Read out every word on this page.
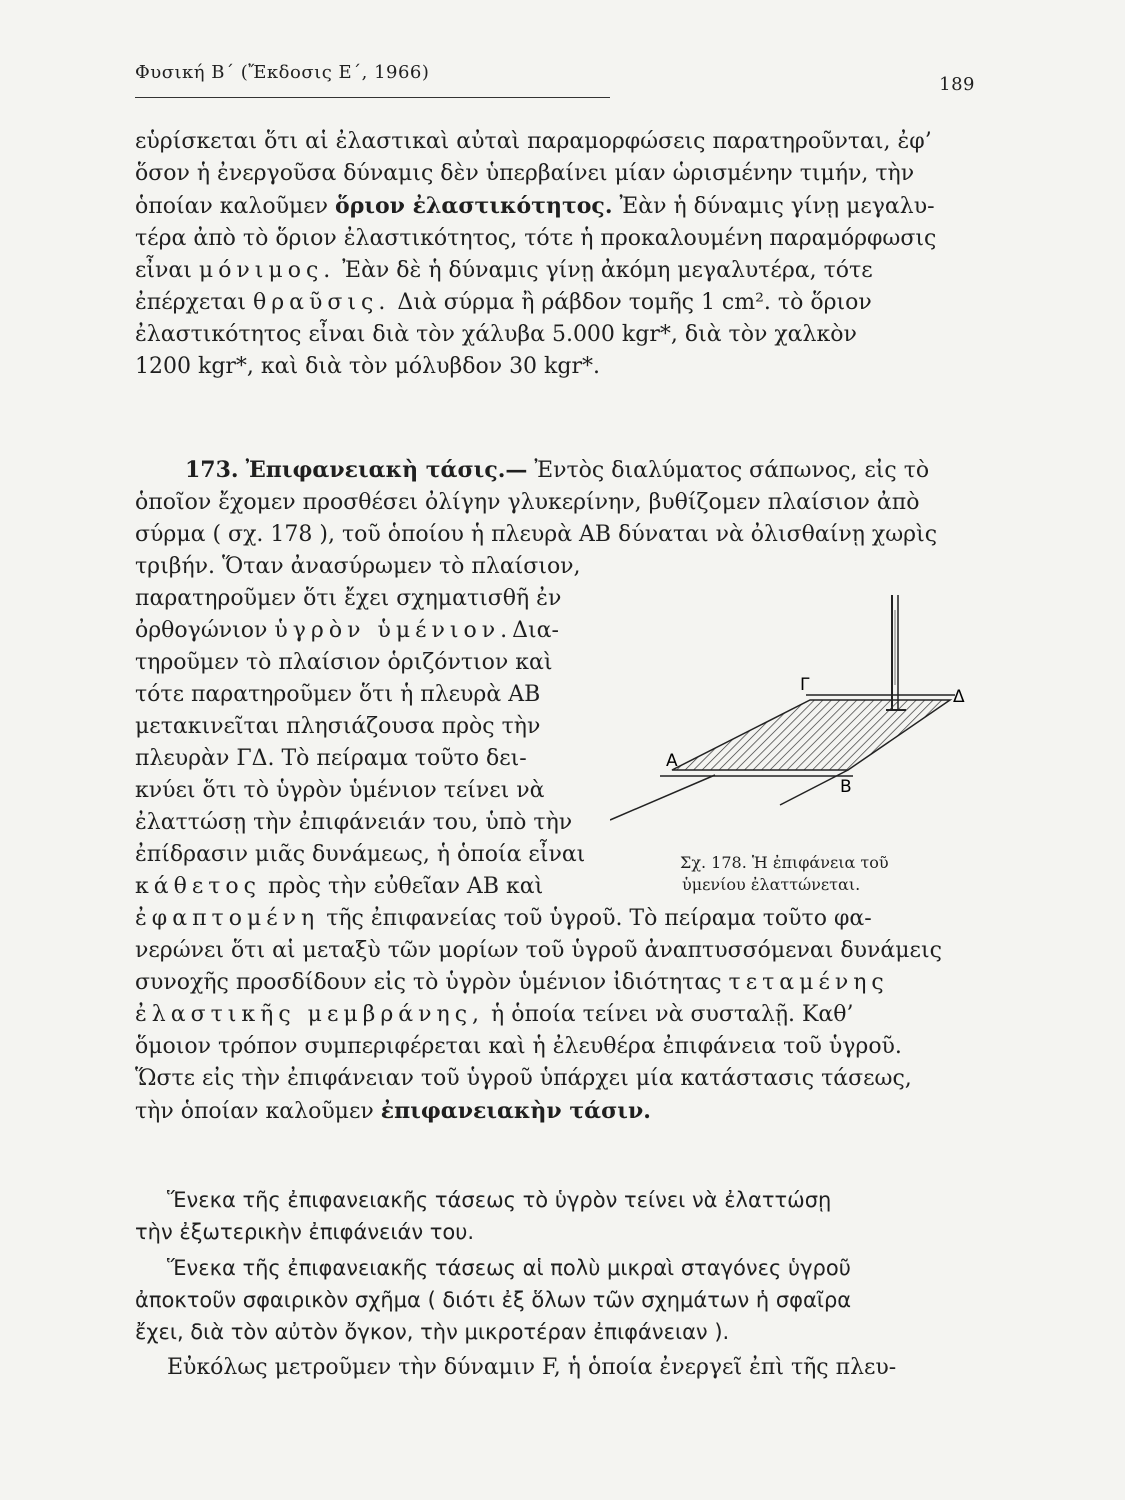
Φυσική Β΄ (Ἔκδοσις Ε΄, 1966)
189
εὑρίσκεται ὅτι αἱ ἐλαστικαὶ αὐταὶ παραμορφώσεις παρατηροῦνται, ἐφ’
ὅσον ἡ ἐνεργοῦσα δύναμις δὲν ὑπερβαίνει μίαν ὡρισμένην τιμήν, τὴν
ὁποίαν καλοῦμεν ὅριον ἐλαστικότητος. Ἐὰν ἡ δύναμις γίνῃ μεγαλυ-
τέρα ἀπὸ τὸ ὅριον ἐλαστικότητος, τότε ἡ προκαλουμένη παραμόρφωσις
εἶναι μόνιμος. Ἐὰν δὲ ἡ δύναμις γίνῃ ἀκόμη μεγαλυτέρα, τότε
ἐπέρχεται θραῦσις. Διὰ σύρμα ἢ ράβδον τομῆς 1 cm². τὸ ὅριον
ἐλαστικότητος εἶναι διὰ τὸν χάλυβα 5.000 kgr*, διὰ τὸν χαλκὸν
1200 kgr*, καὶ διὰ τὸν μόλυβδον 30 kgr*.
173. Ἐπιφανειακὴ τάσις.— Ἐντὸς διαλύματος σάπωνος, εἰς τὸ
ὁποῖον ἔχομεν προσθέσει ὀλίγην γλυκερίνην, βυθίζομεν πλαίσιον ἀπὸ
σύρμα ( σχ. 178 ), τοῦ ὁποίου ἡ πλευρὰ ΑΒ δύναται νὰ ὀλισθαίνῃ χωρὶς
τριβήν. Ὅταν ἀνασύρωμεν τὸ πλαίσιον,
παρατηροῦμεν ὅτι ἔχει σχηματισθῆ ἐν
ὀρθογώνιον ὑγρὸν ὑμένιον.Δια-
τηροῦμεν τὸ πλαίσιον ὁριζόντιον καὶ
τότε παρατηροῦμεν ὅτι ἡ πλευρὰ ΑΒ
μετακινεῖται πλησιάζουσα πρὸς τὴν
πλευρὰν ΓΔ. Τὸ πείραμα τοῦτο δει-
κνύει ὅτι τὸ ὑγρὸν ὑμένιον τείνει νὰ
ἐλαττώσῃ τὴν ἐπιφάνειάν του, ὑπὸ τὴν
ἐπίδρασιν μιᾶς δυνάμεως, ἡ ὁποία εἶναι
κάθετος πρὸς τὴν εὐθεῖαν ΑΒ καὶ
ἐφαπτομένη τῆς ἐπιφανείας τοῦ ὑγροῦ. Τὸ πείραμα τοῦτο φα-
νερώνει ὅτι αἱ μεταξὺ τῶν μορίων τοῦ ὑγροῦ ἀναπτυσσόμεναι δυνάμεις
συνοχῆς προσδίδουν εἰς τὸ ὑγρὸν ὑμένιον ἰδιότητας τεταμένης
ἐλαστικῆς μεμβράνης, ἡ ὁποία τείνει νὰ συσταλῇ. Καθ’
ὅμοιον τρόπον συμπεριφέρεται καὶ ἡ ἐλευθέρα ἐπιφάνεια τοῦ ὑγροῦ.
Ὥστε εἰς τὴν ἐπιφάνειαν τοῦ ὑγροῦ ὑπάρχει μία κατάστασις τάσεως,
τὴν ὁποίαν καλοῦμεν ἐπιφανειακὴν τάσιν.
Ἕνεκα τῆς ἐπιφανειακῆς τάσεως τὸ ὑγρὸν τείνει νὰ ἐλαττώσῃ
τὴν ἐξωτερικὴν ἐπιφάνειάν του.
Ἕνεκα τῆς ἐπιφανειακῆς τάσεως αἱ πολὺ μικραὶ σταγόνες ὑγροῦ
ἀποκτοῦν σφαιρικὸν σχῆμα ( διότι ἐξ ὅλων τῶν σχημάτων ἡ σφαῖρα
ἔχει, διὰ τὸν αὐτὸν ὄγκον, τὴν μικροτέραν ἐπιφάνειαν ).
Εὐκόλως μετροῦμεν τὴν δύναμιν F, ἡ ὁποία ἐνεργεῖ ἐπὶ τῆς πλευ-
Γ
Δ
Α
Β
Σχ. 178. Ἡ ἐπιφάνεια τοῦ
ὑμενίου ἐλαττώνεται.
